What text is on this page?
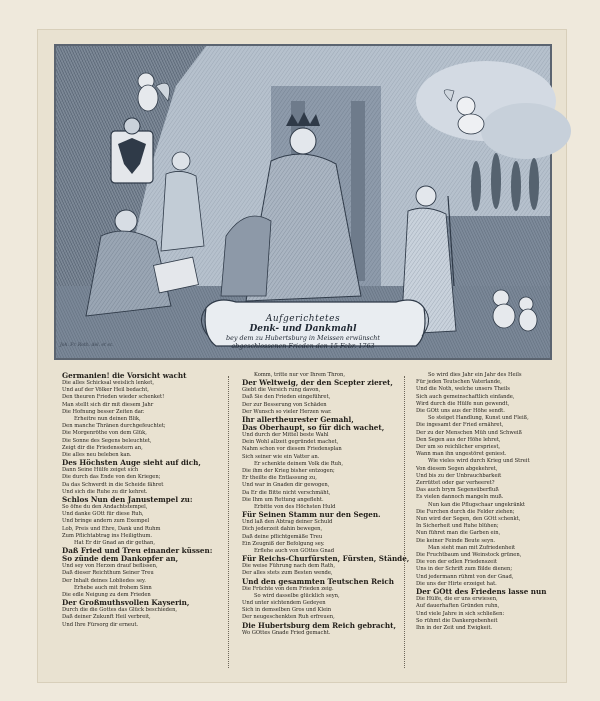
Aufgerichtetes
Denk- und Dankmahl
bey dem zu Hubertsburg in Meissen erwünscht
abgeschlossenen Frieden den 15 Febr. 1763
Joh. Fr. Roth. del. et sc.
Germanien! die Vorsicht wacht
Die alles Schicksal weislich lenket,
Und auf der Völker Heil bedacht,
Den theuren Frieden wieder schenket!
Man stellt sich dir mit diesem Jahr
Die Hofnung besser Zeiten dar.
Erheitre nun deinen Blik,
Den manche Thränen durchgefeuchtet;
Die Morgenröthe von dem Glük,
Die Sonne des Segens beleuchtet,
Zeigt dir die Friedensstern an,
Die alles neu beleben kan.
Des Höchsten Auge sieht auf dich,
Dann Seine Hülfe zeiget sich
Die durch das Ende von den Kriegen;
Da das Schwerdt in die Scheide fähret
Und sich die Ruhe zu dir kehret.
Schlos Nun den Janustempel zu:
So öfne du den Andachtstempel,
Und danke GOtt für diese Ruh,
Und bringe andern zum Exempel
Lob, Preis und Ehre, Dank und Ruhm
Zum Pflichtabtrag ins Heiligthum.
Hat Er dir Gnad an dir gethan,
Daß Fried und Treu einander küssen:
So zünde dem Dankopfer an,
Und sey von Herzen drauf beflissen,
Daß dieser Reichthum Seiner Treu
Der Inhalt deines Lobliedes sey.
Erhebe auch mit frohem Sinn
Die edle Neigung zu dem Frieden
Der Großmuthsvollen Kayserin,
Durch die die Gottes das Glück beschieden,
Daß deiner Zukunft Heil verbreit,
Und Ihre Fürsorg dir erneut.
Komm, tritte nur vor Ihrem Thron,
Der Weltweig, der den Scepter zieret,
Giebt die Versich rung davon,
Daß Sie den Frieden eingeführet,
Der zur Besserung von Schäden
Der Wunsch so vieler Herzen war.
Ihr allertheurester Gemahl,
Das Oberhaupt, so für dich wachet,
Und durch der Mittel beste Wahl
Dein Wohl allzeit gegründet machet,
Nahm schon vor diesem Friedensplan
Sich seiner wie ein Vatter an.
Er schenkte deinem Volk die Ruh,
Die ihm der Krieg bisher entzogen;
Er theilte die Entlassung zu,
Und war in Gnaden dir gewogen,
Da Er die Bitte nicht verschmäht,
Die Ihm um Rettung angefleht.
Erbitte von des Höchsten Huld
Für Seinen Stamm nur den Segen.
Und laß den Abtrag deiner Schuld
Dich jederzeit dahin bewegen,
Daß deine pflichtgemäße Treu
Ein Zeugniß der Befolgung sey.
Erflehe auch von GOttes Gnad
Für Reichs-Churfürsten, Fürsten, Stände,
Die weise Führung nach dem Rath,
Der alles stets zum Besten wende,
Und den gesammten Teutschen Reich
Die Früchte von dem Frieden zeig.
So wird dasselbe glücklich seyn,
Und unter sichtendem Gedeyen
Sich in demselben Gros und Klein
Der neugeschenkten Ruh erfreuen,
Die Hubertsburg dem Reich gebracht,
Wo GOttes Gnade Fried gemacht.
So wird dies Jahr ein Jahr des Heils
Für jeden Teutschen Vaterlande,
Und die Noth, welche unsers Theils
Sich auch gemeinschaftlich einfande,
Wird durch die Hülfe nun gewendt,
Die GOtt uns aus der Höhe sendt.
So steiget Handlung, Kunst und Fleiß,
Die ingesamt der Fried ernähret,
Der zu der Menschen Müh und Schweiß
Den Segen aus der Höhe lehret,
Der um so reichlicher erspriest,
Wann man ihn ungestöret geniest.
Wie vieles wird durch Krieg und Streit
Von diesem Segen abgekehret,
Und bis zu der Unbrauchbarkeit
Zerrüttet oder gar verheeret?
Das auch brym Segensüberfluß
Es vielen dannoch mangeln muß.
Nun kan die Pflugschaar ungekränkt
Die Furchen durch die Felder ziehen;
Nun wird der Segen, den GOtt schenkt,
In Sicherheit und Ruhe blühen;
Nun führet man die Garben ein,
Die keiner Feinde Beute seyn.
Man sieht man mit Zufriedenheit
Die Fruchtbaum und Weinstock grünen,
Die von der edlen Friedenszeit
Uns in der Schrift zum Bilde dienen;
Und jedermann rühmt von der Gnad,
Die uns der Hirte erzeiget hat.
Der GOtt des Friedens lasse nun
Die Hülfe, die er uns erwiesen,
Auf dauerhaften Gründen ruhn,
Und viele Jahre in sich schließen:
So rühmt die Dankergebenheit
Ihn in der Zeit und Ewigkeit.
